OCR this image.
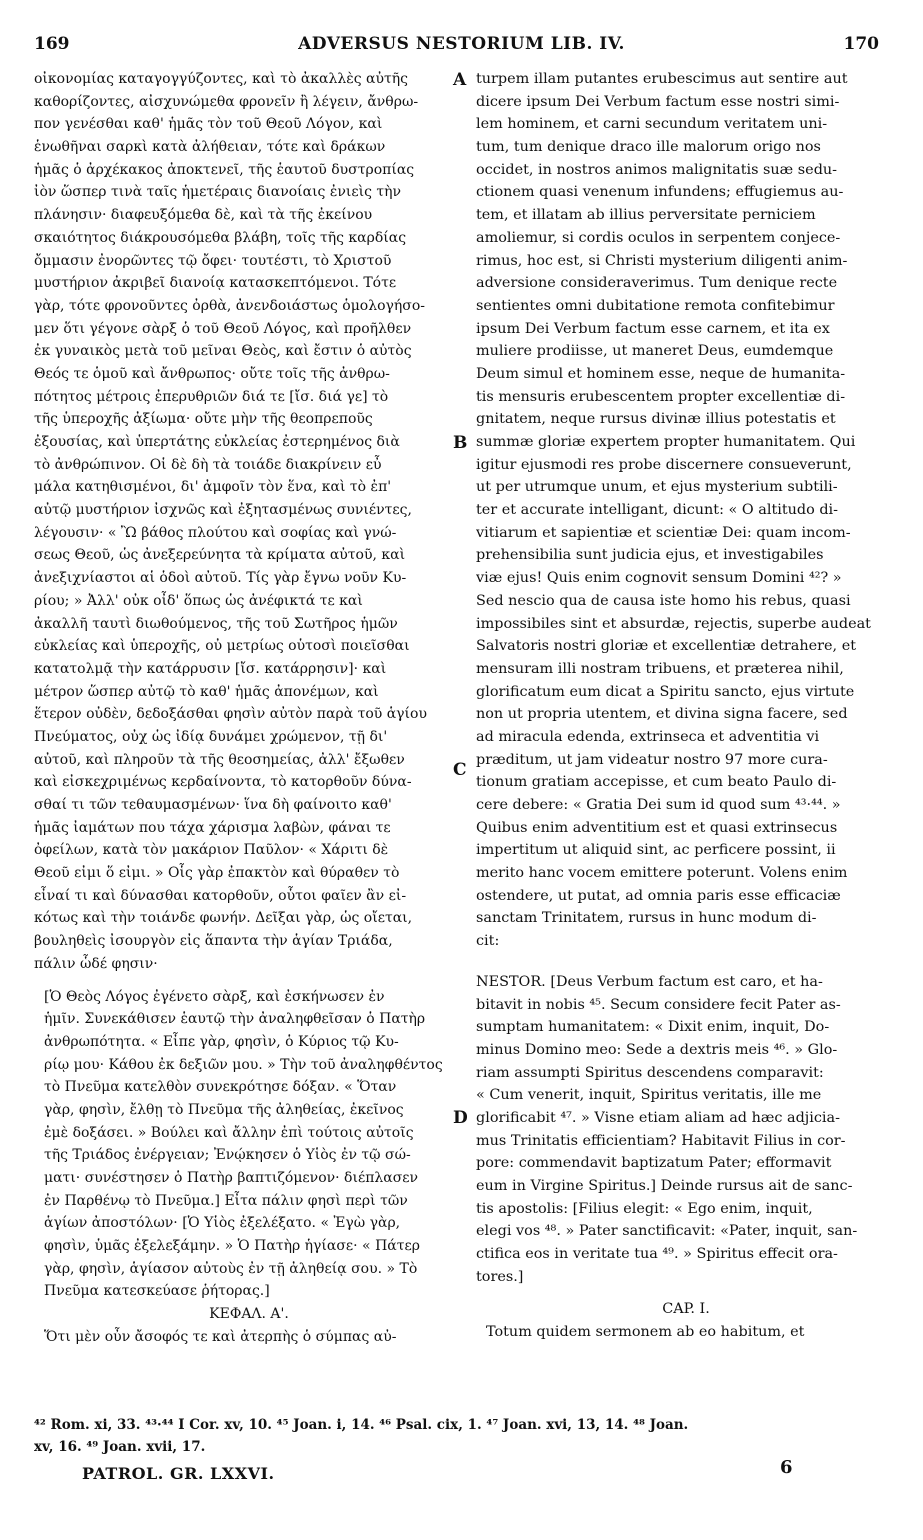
169	ADVERSUS NESTORIUM LIB. IV.	170
οἰκονομίας καταγογγύζοντες, καὶ τὸ ἀκαλλὲς αὐτῆς
καθορίζοντες, αἰσχυνώμεθα φρονεῖν ἢ λέγειν, ἄνθρω-
πον γενέσθαι καθ' ἡμᾶς τὸν τοῦ Θεοῦ Λόγον, καὶ
ἑνωθῆναι σαρκὶ κατὰ ἀλήθειαν, τότε καὶ δράκων
ἡμᾶς ὁ ἀρχέκακος ἀποκτενεῖ, τῆς ἑαυτοῦ δυστροπίας
ἰὸν ὥσπερ τινὰ ταῖς ἡμετέραις διανοίαις ἐνιεὶς τὴν
πλάνησιν· διαφευξόμεθα δὲ, καὶ τὰ τῆς ἐκείνου
σκαιότητος διάκρουσόμεθα βλάβη, τοῖς τῆς καρδίας
ὄμμασιν ἐνορῶντες τῷ ὄφει· τουτέστι, τὸ Χριστοῦ
μυστήριον ἀκριβεῖ διανοίᾳ κατασκεπτόμενοι. Τότε
γὰρ, τότε φρονοῦντες ὀρθὰ, ἀνενδοιάστως ὁμολογήσο-
μεν ὅτι γέγονε σὰρξ ὁ τοῦ Θεοῦ Λόγος, καὶ προῆλθεν
ἐκ γυναικὸς μετὰ τοῦ μεῖναι Θεὸς, καὶ ἔστιν ὁ αὐτὸς
Θεός τε ὁμοῦ καὶ ἄνθρωπος· οὔτε τοῖς τῆς ἀνθρω-
πότητος μέτροις ἐπερυθριῶν διά τε [ἴσ. διά γε] τὸ
τῆς ὑπεροχῆς ἀξίωμα· οὔτε μὴν τῆς θεοπρεποῦς
ἐξουσίας, καὶ ὑπερτάτης εὐκλείας ἐστερημένος διὰ
τὸ ἀνθρώπινον. Οἱ δὲ δὴ τὰ τοιάδε διακρίνειν εὖ
μάλα κατηθισμένοι, δι' ἀμφοῖν τὸν ἕνα, καὶ τὸ ἐπ'
αὐτῷ μυστήριον ἰσχνῶς καὶ ἐξητασμένως συνιέντες,
λέγουσιν· « Ὢ βάθος πλούτου καὶ σοφίας καὶ γνώ-
σεως Θεοῦ, ὡς ἀνεξερεύνητα τὰ κρίματα αὐτοῦ, καὶ
ἀνεξιχνίαστοι αἱ ὁδοὶ αὐτοῦ. Τίς γὰρ ἔγνω νοῦν Κυ-
ρίου; » Ἀλλ' οὐκ οἶδ' ὅπως ὡς ἀνέφικτά τε καὶ
ἀκαλλῆ ταυτὶ διωθούμενος, τῆς τοῦ Σωτῆρος ἡμῶν
εὐκλείας καὶ ὑπεροχῆς, οὐ μετρίως οὑτοσὶ ποιεῖσθαι
κατατολμᾷ τὴν κατάρρυσιν [ἴσ. κατάρρησιν]· καὶ
μέτρον ὥσπερ αὐτῷ τὸ καθ' ἡμᾶς ἀπονέμων, καὶ
ἕτερον οὐδὲν, δεδοξάσθαι φησὶν αὐτὸν παρὰ τοῦ ἁγίου
Πνεύματος, οὐχ ὡς ἰδίᾳ δυνάμει χρώμενον, τῇ δι'
αὐτοῦ, καὶ πληροῦν τὰ τῆς θεοσημείας, ἀλλ' ἔξωθεν
καὶ εἰσκεχριμένως κερδαίνοντα, τὸ κατορθοῦν δύνα-
σθαί τι τῶν τεθαυμασμένων· ἵνα δὴ φαίνοιτο καθ'
ἡμᾶς ἰαμάτων που τάχα χάρισμα λαβὼν, φάναι τε
ὀφείλων, κατὰ τὸν μακάριον Παῦλον· « Χάριτι δὲ
Θεοῦ εἰμι ὅ εἰμι. » Οἷς γὰρ ἐπακτὸν καὶ θύραθεν τὸ
εἶναί τι καὶ δύνασθαι κατορθοῦν, οὗτοι φαῖεν ἂν εἰ-
κότως καὶ τὴν τοιάνδε φωνήν. Δεῖξαι γὰρ, ὡς οἴεται,
βουληθεὶς ἰσουργὸν εἰς ἅπαντα τὴν ἁγίαν Τριάδα,
πάλιν ὧδέ φησιν·
[Ὁ Θεὸς Λόγος ἐγένετο σὰρξ, καὶ ἐσκήνωσεν ἐν
ἡμῖν. Συνεκάθισεν ἑαυτῷ τὴν ἀναληφθεῖσαν ὁ Πατὴρ
ἀνθρωπότητα. « Εἶπε γὰρ, φησὶν, ὁ Κύριος τῷ Κυ-
ρίῳ μου· Κάθου ἐκ δεξιῶν μου. » Τὴν τοῦ ἀναληφθέντος
τὸ Πνεῦμα κατελθὸν συνεκρότησε δόξαν. « Ὅταν
γὰρ, φησὶν, ἔλθῃ τὸ Πνεῦμα τῆς ἀληθείας, ἐκεῖνος
ἐμὲ δοξάσει. » Βούλει καὶ ἄλλην ἐπὶ τούτοις αὐτοῖς
τῆς Τριάδος ἐνέργειαν; Ἐνῴκησεν ὁ Υἱὸς ἐν τῷ σώ-
ματι· συνέστησεν ὁ Πατὴρ βαπτιζόμενον· διέπλασεν
ἐν Παρθένῳ τὸ Πνεῦμα.] Εἶτα πάλιν φησὶ περὶ τῶν
ἁγίων ἀποστόλων· [Ὁ Υἱὸς ἐξελέξατο. « Ἐγὼ γὰρ,
φησὶν, ὑμᾶς ἐξελεξάμην. » Ὁ Πατὴρ ἡγίασε· « Πάτερ
γὰρ, φησὶν, ἁγίασον αὐτοὺς ἐν τῇ ἀληθείᾳ σου. » Τὸ
Πνεῦμα κατεσκεύασε ῥήτορας.]
ΚΕΦΑΛ. Α'.
Ὅτι μὲν οὖν ἄσοφός τε καὶ ἀτερπὴς ὁ σύμπας αὐ-
turpem illam putantes erubescimus aut sentire aut
dicere ipsum Dei Verbum factum esse nostri simi-
lem hominem, et carni secundum veritatem uni-
tum, tum denique draco ille malorum origo nos
occidet, in nostros animos malignitatis suæ sedu-
ctionem quasi venenum infundens; effugiemus au-
tem, et illatam ab illius perversitate perniciem
amoliemur, si cordis oculos in serpentem conjece-
rimus, hoc est, si Christi mysterium diligenti anim-
adversione consideraverimus. Tum denique recte
sentientes omni dubitatione remota confitebimur
ipsum Dei Verbum factum esse carnem, et ita ex
muliere prodiisse, ut maneret Deus, eumdemque
Deum simul et hominem esse, neque de humanita-
tis mensuris erubescentem propter excellentiæ di-
gnitatem, neque rursus divinæ illius potestatis et
summæ gloriæ expertem propter humanitatem. Qui
igitur ejusmodi res probe discernere consueverunt,
ut per utrumque unum, et ejus mysterium subtili-
ter et accurate intelligant, dicunt: « O altitudo di-
vitiarum et sapientiæ et scientiæ Dei: quam incom-
prehensibilia sunt judicia ejus, et investigabiles
viæ ejus! Quis enim cognovit sensum Domini ⁴²? »
Sed nescio qua de causa iste homo his rebus, quasi
impossibiles sint et absurdæ, rejectis, superbe audeat
Salvatoris nostri gloriæ et excellentiæ detrahere, et
mensuram illi nostram tribuens, et præterea nihil,
glorificatum eum dicat a Spiritu sancto, ejus virtute
non ut propria utentem, et divina signa facere, sed
ad miracula edenda, extrinseca et adventitia vi
præditum, ut jam videatur nostro 97 more cura-
tionum gratiam accepisse, et cum beato Paulo di-
cere debere: « Gratia Dei sum id quod sum ⁴³·⁴⁴. »
Quibus enim adventitium est et quasi extrinsecus
impertitum ut aliquid sint, ac perficere possint, ii
merito hanc vocem emittere poterunt. Volens enim
ostendere, ut putat, ad omnia paris esse efficaciæ
sanctam Trinitatem, rursus in hunc modum di-
cit:
NESTOR. [Deus Verbum factum est caro, et ha-
bitavit in nobis ⁴⁵. Secum considere fecit Pater as-
sumptam humanitatem: « Dixit enim, inquit, Do-
minus Domino meo: Sede a dextris meis ⁴⁶. » Glo-
riam assumpti Spiritus descendens comparavit:
« Cum venerit, inquit, Spiritus veritatis, ille me
glorificabit ⁴⁷. » Visne etiam aliam ad hæc adjicia-
mus Trinitatis efficientiam? Habitavit Filius in cor-
pore: commendavit baptizatum Pater; efformavit
eum in Virgine Spiritus.] Deinde rursus ait de sanc-
tis apostolis: [Filius elegit: « Ego enim, inquit,
elegi vos ⁴⁸. » Pater sanctificavit: «Pater, inquit, san-
ctifica eos in veritate tua ⁴⁹. » Spiritus effecit ora-
tores.]
CAP. I.
Totum quidem sermonem ab eo habitum, et
A
B
C
D
⁴² Rom. xi, 33. ⁴³·⁴⁴ I Cor. xv, 10. ⁴⁵ Joan. i, 14. ⁴⁶ Psal. cix, 1. ⁴⁷ Joan. xvi, 13, 14. ⁴⁸ Joan.
xv, 16. ⁴⁹ Joan. xvii, 17.
PATROL. GR. LXXVI.	6
